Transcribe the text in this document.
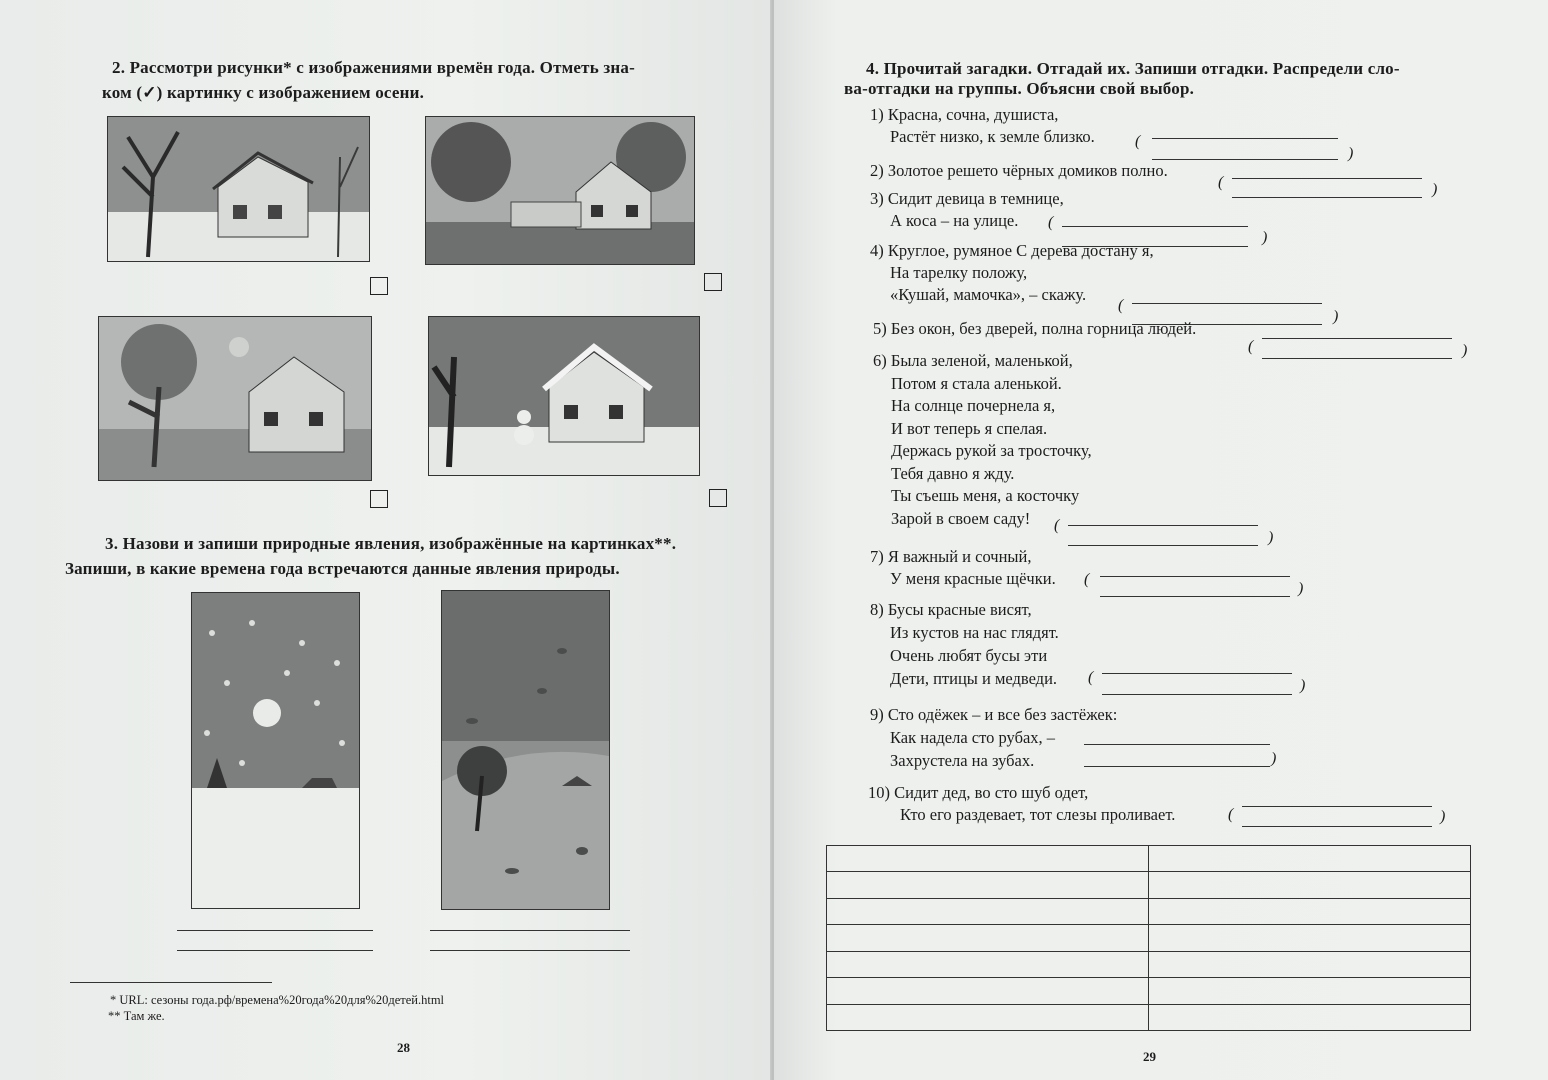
2. Рассмотри рисунки* с изображениями времён года. Отметь зна-

ком (✓) картинку с изображением осени.

3. Назови и запиши природные явления, изображённые на картинках**.

Запиши, в какие времена года встречаются данные явления природы.

* URL: сезоны года.рф/времена%20года%20для%20детей.html
** Там же.
28

4. Прочитай загадки. Отгадай их. Запиши отгадки. Распредели сло-

ва-отгадки на группы. Объясни свой выбор.

1) Красна, сочна, душиста,
Растёт низко, к земле близко.	(
)
2) Золотое решето чёрных домиков полно.
(	)
3) Сидит девица в темнице,
А коса – на улице.	(
)
4) Круглое, румяное С дерева достану я,
На тарелку положу,
«Кушай, мамочка», – скажу.
(
)
5) Без окон, без дверей, полна горница людей.
(	)
6) Была зеленой, маленькой,
Потом я стала аленькой.
На солнце почернела я,
И вот теперь я спелая.
Держась рукой за тросточку,
Тебя давно я жду.
Ты съешь меня, а косточку
Зарой в своем саду!	(
)
7) Я важный и сочный,
У меня красные щёчки. (
)
8) Бусы красные висят,
Из кустов на нас глядят.
Очень любят бусы эти
Дети, птицы и медведи. (	)
9) Сто одёжек – и все без застёжек:
Как надела сто рубах, –
Захрустела на зубах.	)
10) Сидит дед, во сто шуб одет,
Кто его раздевает, тот слезы проливает.	(	)

29
